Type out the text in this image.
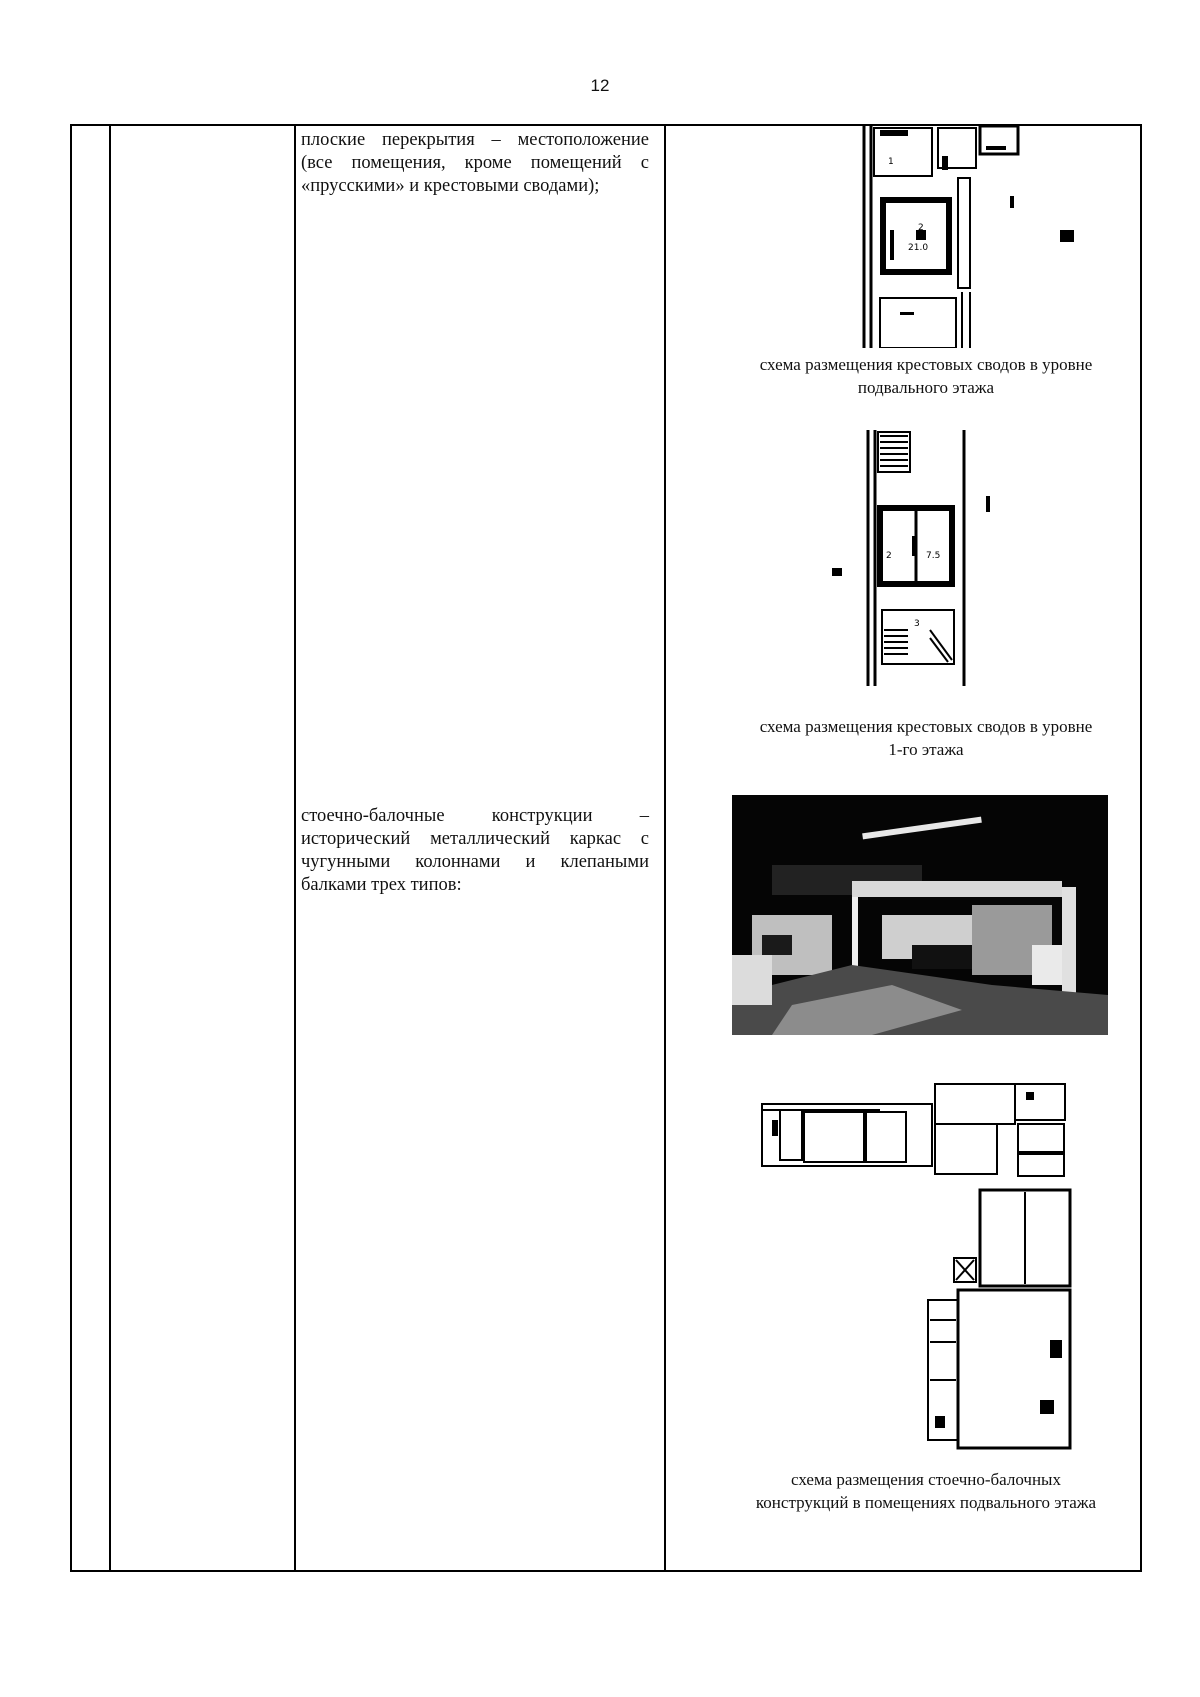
12
плоские перекрытия – местоположение
(все помещения, кроме помещений с
«прусскими»
и
крестовыми
сводами);
стоечно-балочные	конструкции	–
исторический металлический каркас с
чугунными колоннами и клепаными
балками
трех
типов:
1
2
21.0
схема размещения крестовых сводов в уровне
подвального этажа
2	7.5
3
схема размещения крестовых сводов в уровне
1-го этажа
схема размещения стоечно-балочных
конструкций в помещениях подвального этажа
